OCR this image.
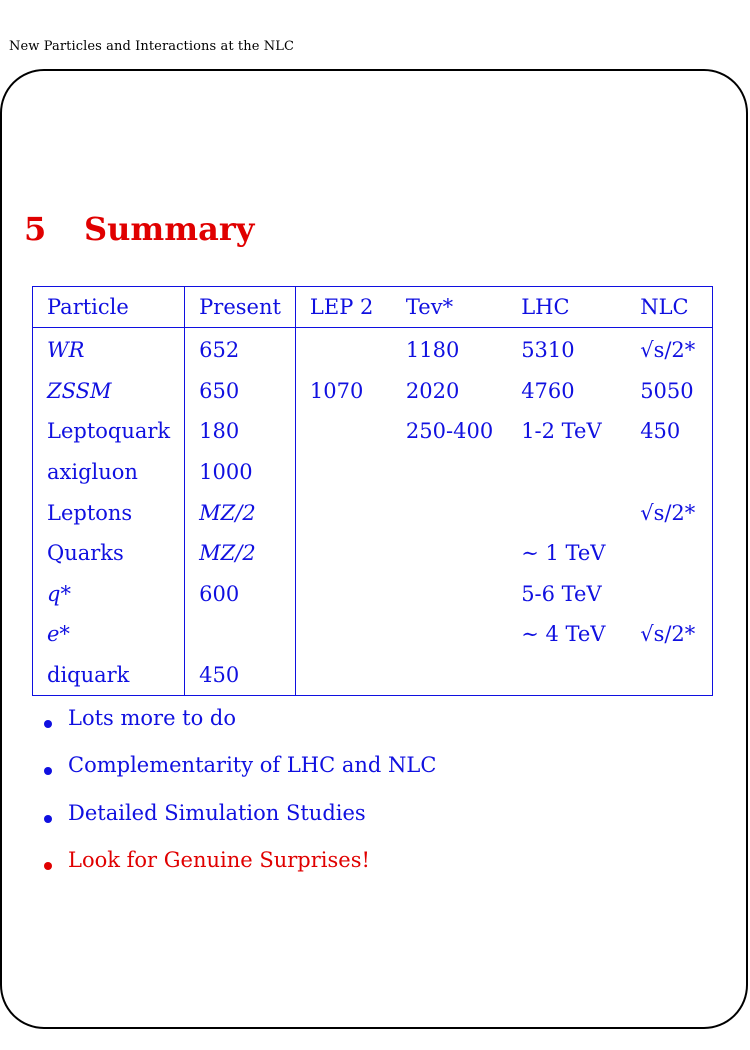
New Particles and Interactions at the NLC
5 Summary
Particle	Present	LEP 2	Tev*	LHC	NLC
WR	652		1180	5310	√s/2*
ZSSM	650	1070	2020	4760	5050
Leptoquark	180		250-400	1-2 TeV	450
axigluon	1000				
Leptons	MZ/2				√s/2*
Quarks	MZ/2			∼ 1 TeV	
q*	600			5-6 TeV	
e*				∼ 4 TeV	√s/2*
diquark	450				
Lots more to do
Complementarity of LHC and NLC
Detailed Simulation Studies
Look for Genuine Surprises!
